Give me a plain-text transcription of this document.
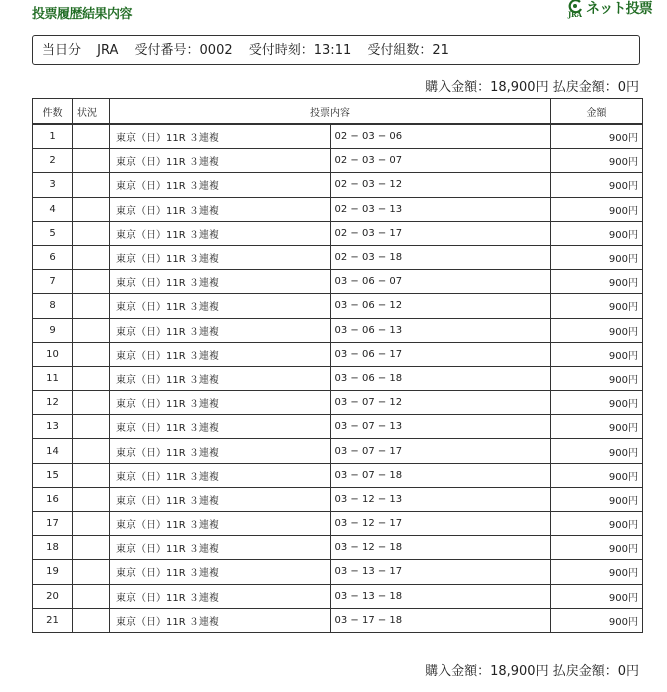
投票履歴結果内容	JRA ネット投票
当日分 JRA 受付番号：0002 受付時刻：13:11 受付組数：21
購入金額：18,900円 払戻金額：0円
件数	状況	投票内容		金額

1		東京（日）11R ３連複	02 − 03 − 06	900円
2		東京（日）11R ３連複	02 − 03 − 07	900円
3		東京（日）11R ３連複	02 − 03 − 12	900円
4		東京（日）11R ３連複	02 − 03 − 13	900円
5		東京（日）11R ３連複	02 − 03 − 17	900円
6		東京（日）11R ３連複	02 − 03 − 18	900円
7		東京（日）11R ３連複	03 − 06 − 07	900円
8		東京（日）11R ３連複	03 − 06 − 12	900円
9		東京（日）11R ３連複	03 − 06 − 13	900円
10		東京（日）11R ３連複	03 − 06 − 17	900円
11		東京（日）11R ３連複	03 − 06 − 18	900円
12		東京（日）11R ３連複	03 − 07 − 12	900円
13		東京（日）11R ３連複	03 − 07 − 13	900円
14		東京（日）11R ３連複	03 − 07 − 17	900円
15		東京（日）11R ３連複	03 − 07 − 18	900円
16		東京（日）11R ３連複	03 − 12 − 13	900円
17		東京（日）11R ３連複	03 − 12 − 17	900円
18		東京（日）11R ３連複	03 − 12 − 18	900円
19		東京（日）11R ３連複	03 − 13 − 17	900円
20		東京（日）11R ３連複	03 − 13 − 18	900円
21		東京（日）11R ３連複	03 − 17 − 18	900円
購入金額：18,900円 払戻金額：0円
